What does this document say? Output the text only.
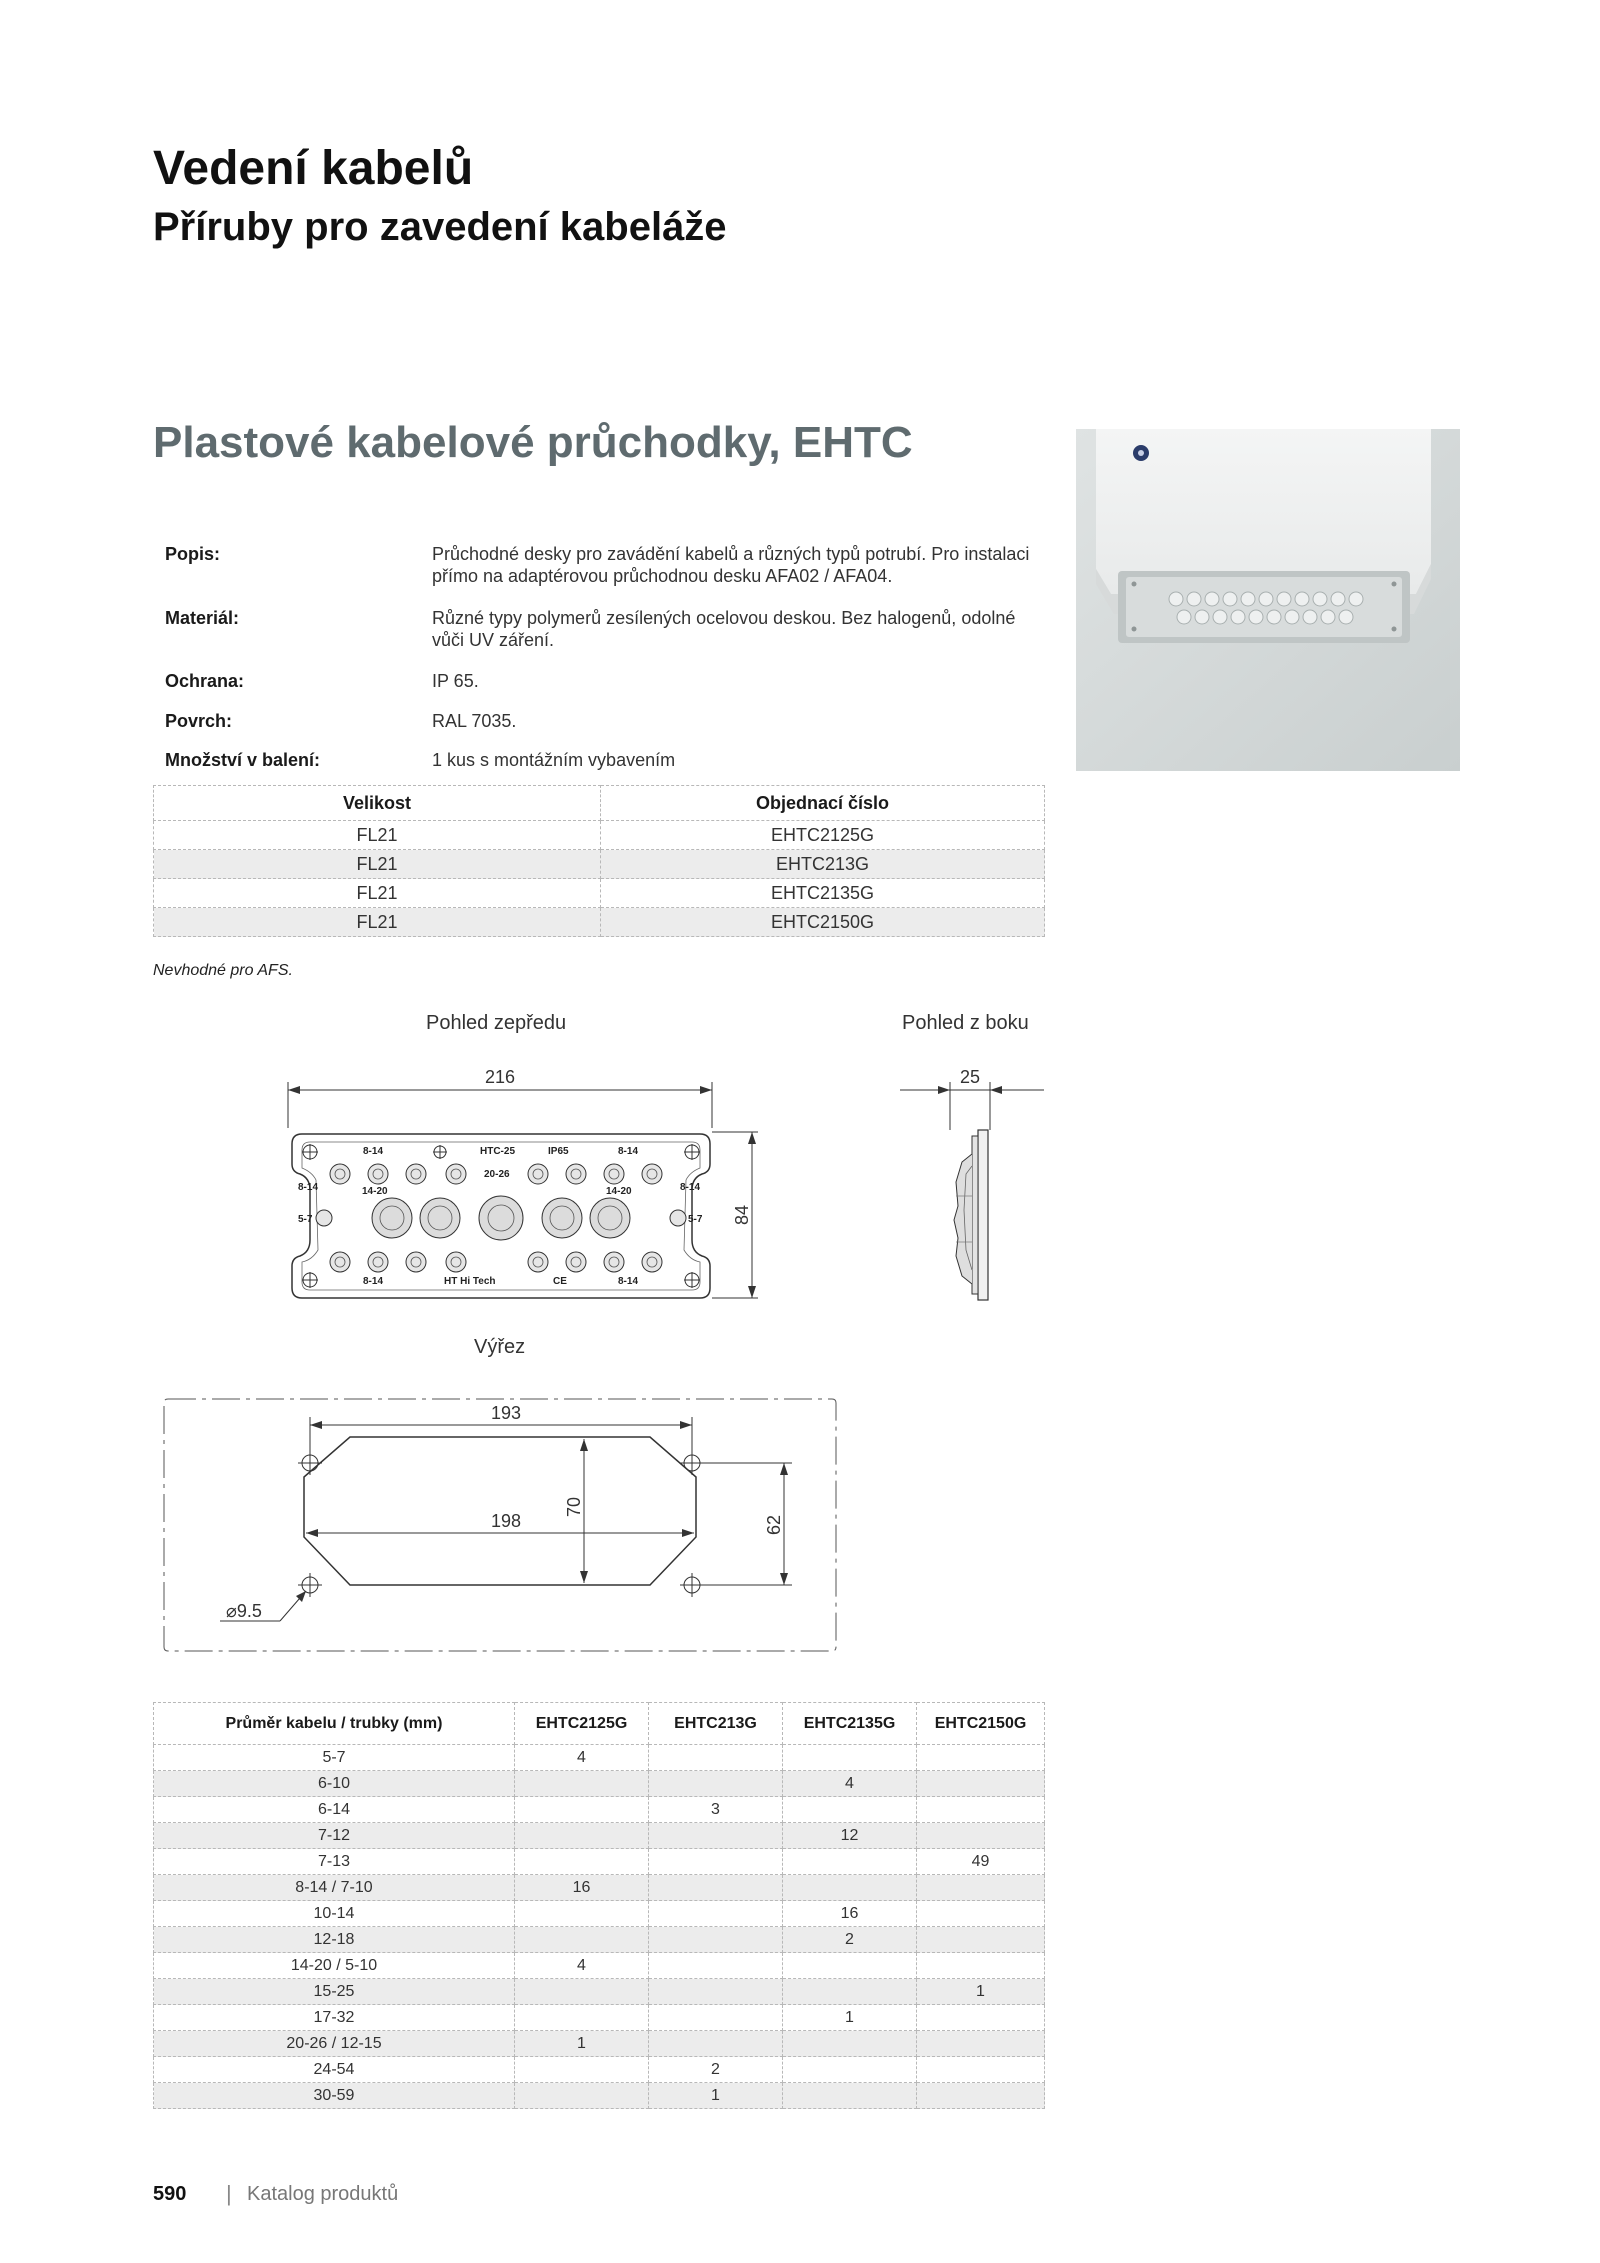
Vedení kabelů
Příruby pro zavedení kabeláže
Plastové kabelové průchodky, EHTC
Popis:	Průchodné desky pro zavádění kabelů a různých typů potrubí. Pro instalaci přímo na adaptérovou průchodnou desku AFA02 / AFA04.
Materiál:	Různé typy polymerů zesílených ocelovou deskou. Bez halogenů, odolné vůči UV záření.
Ochrana:	IP 65.
Povrch:	RAL 7035.
Množství v balení:	1 kus s montážním vybavením
Velikost	Objednací číslo
FL21	EHTC2125G
FL21	EHTC213G
FL21	EHTC2135G
FL21	EHTC2150G
Nevhodné pro AFS.
Pohled zepředu	Pohled z boku
Výřez
216
84
8-14	HTC-25	IP65	8-14
20-26
8-14	8-14
14-20	14-20
5-7	5-7
8-14	HT Hi Tech	CE	8-14
25
193
198
70
62
⌀9.5
Průměr kabelu / trubky (mm)	EHTC2125G	EHTC213G	EHTC2135G	EHTC2150G
5-7	4			
6-10			4	
6-14		3		
7-12			12	
7-13				49
8-14 / 7-10	16			
10-14			16	
12-18			2	
14-20 / 5-10	4			
15-25				1
17-32			1	
20-26 / 12-15	1			
24-54		2		
30-59		1		
590 | Katalog produktů
